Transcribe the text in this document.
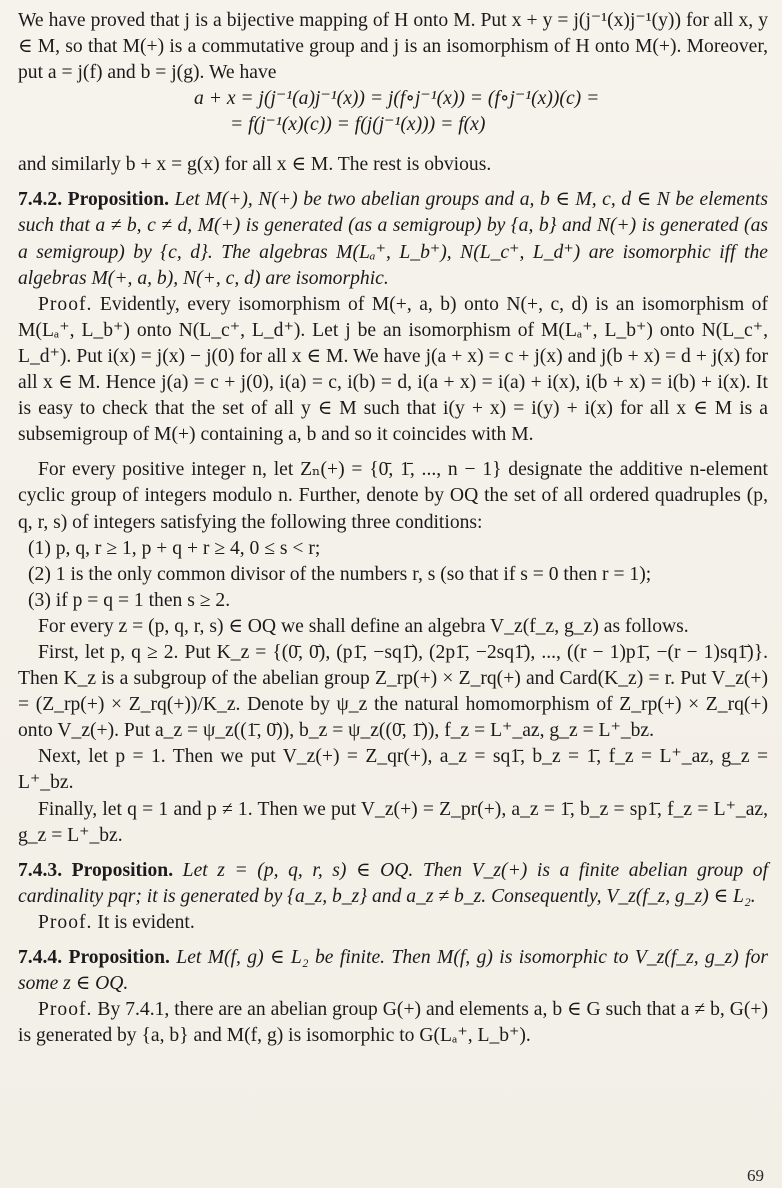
We have proved that j is a bijective mapping of H onto M. Put x + y = j(j⁻¹(x)j⁻¹(y)) for all x, y ∈ M, so that M(+) is a commutative group and j is an isomorphism of H onto M(+). Moreover, put a = j(f) and b = j(g). We have

a + x = j(j⁻¹(a)j⁻¹(x)) = j(f∘j⁻¹(x)) = (f∘j⁻¹(x))(c) =

= f(j⁻¹(x)(c)) = f(j(j⁻¹(x))) = f(x)

and similarly b + x = g(x) for all x ∈ M. The rest is obvious.

7.4.2. Proposition. Let M(+), N(+) be two abelian groups and a, b ∈ M, c, d ∈ N be elements such that a ≠ b, c ≠ d, M(+) is generated (as a semigroup) by {a, b} and N(+) is generated (as a semigroup) by {c, d}. The algebras M(Lₐ⁺, L_b⁺), N(L_c⁺, L_d⁺) are isomorphic iff the algebras M(+, a, b), N(+, c, d) are isomorphic.

Proof. Evidently, every isomorphism of M(+, a, b) onto N(+, c, d) is an isomorphism of M(Lₐ⁺, L_b⁺) onto N(L_c⁺, L_d⁺). Let j be an isomorphism of M(Lₐ⁺, L_b⁺) onto N(L_c⁺, L_d⁺). Put i(x) = j(x) − j(0) for all x ∈ M. We have j(a + x) = c + j(x) and j(b + x) = d + j(x) for all x ∈ M. Hence j(a) = c + j(0), i(a) = c, i(b) = d, i(a + x) = i(a) + i(x), i(b + x) = i(b) + i(x). It is easy to check that the set of all y ∈ M such that i(y + x) = i(y) + i(x) for all x ∈ M is a subsemigroup of M(+) containing a, b and so it coincides with M.

For every positive integer n, let Zₙ(+) = {0̄, 1̄, ..., n − 1} designate the additive n-element cyclic group of integers modulo n. Further, denote by OQ the set of all ordered quadruples (p, q, r, s) of integers satisfying the following three conditions:

(1) p, q, r ≥ 1, p + q + r ≥ 4, 0 ≤ s < r;

(2) 1 is the only common divisor of the numbers r, s (so that if s = 0 then r = 1);

(3) if p = q = 1 then s ≥ 2.

For every z = (p, q, r, s) ∈ OQ we shall define an algebra V_z(f_z, g_z) as follows.

First, let p, q ≥ 2. Put K_z = {(0̄, 0̄), (p1̄, −sq1̄), (2p1̄, −2sq1̄), ..., ((r − 1)p1̄, −(r − 1)sq1̄)}. Then K_z is a subgroup of the abelian group Z_rp(+) × Z_rq(+) and Card(K_z) = r. Put V_z(+) = (Z_rp(+) × Z_rq(+))/K_z. Denote by ψ_z the natural homomorphism of Z_rp(+) × Z_rq(+) onto V_z(+). Put a_z = ψ_z((1̄, 0̄)), b_z = ψ_z((0̄, 1̄)), f_z = L⁺_az, g_z = L⁺_bz.

Next, let p = 1. Then we put V_z(+) = Z_qr(+), a_z = sq1̄, b_z = 1̄, f_z = L⁺_az, g_z = L⁺_bz.

Finally, let q = 1 and p ≠ 1. Then we put V_z(+) = Z_pr(+), a_z = 1̄, b_z = sp1̄, f_z = L⁺_az, g_z = L⁺_bz.

7.4.3. Proposition. Let z = (p, q, r, s) ∈ OQ. Then V_z(+) is a finite abelian group of cardinality pqr; it is generated by {a_z, b_z} and a_z ≠ b_z. Consequently, V_z(f_z, g_z) ∈ L₂.

Proof. It is evident.

7.4.4. Proposition. Let M(f, g) ∈ L₂ be finite. Then M(f, g) is isomorphic to V_z(f_z, g_z) for some z ∈ OQ.

Proof. By 7.4.1, there are an abelian group G(+) and elements a, b ∈ G such that a ≠ b, G(+) is generated by {a, b} and M(f, g) is isomorphic to G(Lₐ⁺, L_b⁺).

69
